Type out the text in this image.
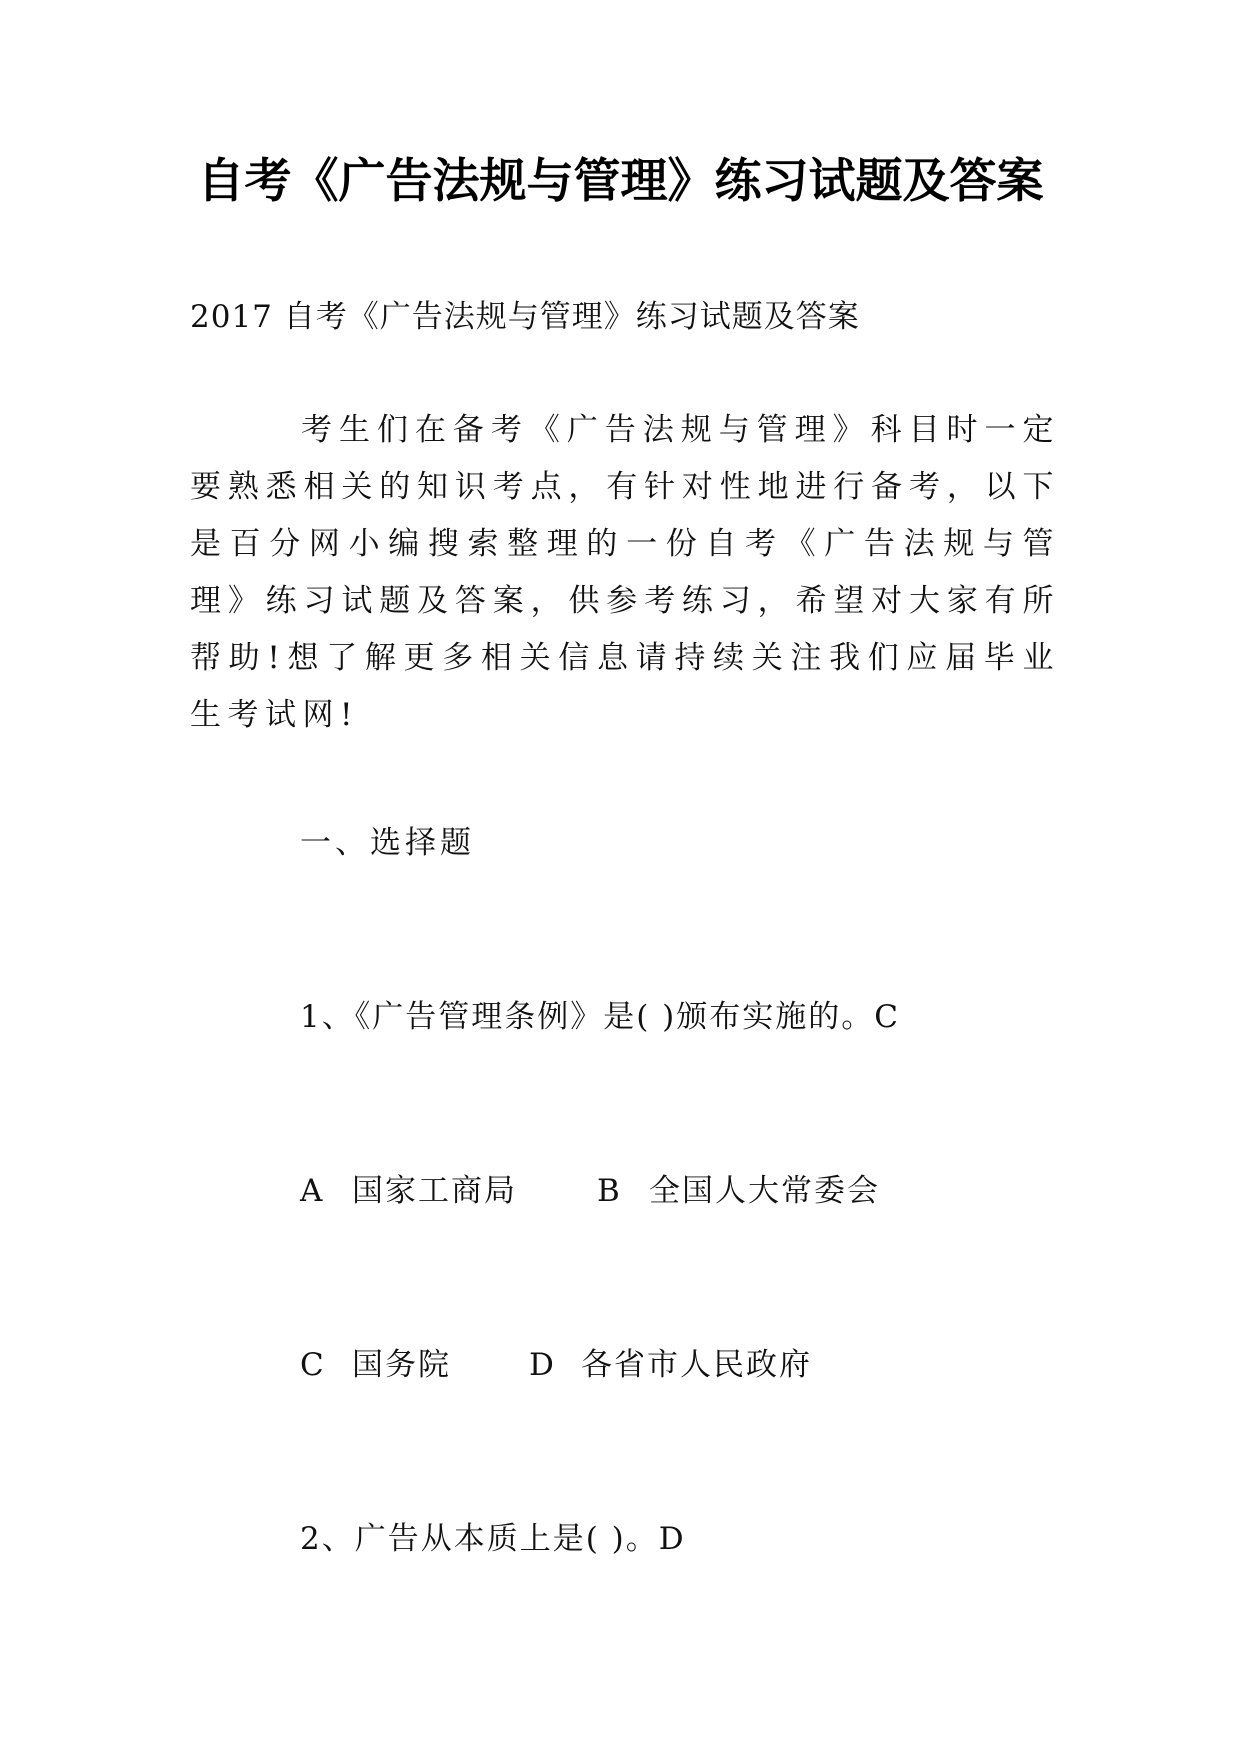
自考《广告法规与管理》练习试题及答案
2017 自考《广告法规与管理》练习试题及答案
考生们在备考《广告法规与管理》科目时一定要熟悉相关的知识考点，有针对性地进行备考，以下是百分网小编搜索整理的一份自考《广告法规与管理》练习试题及答案，供参考练习，希望对大家有所帮助!想了解更多相关信息请持续关注我们应届毕业生考试网!
一、选择题
1、《广告管理条例》是( )颁布实施的。C
A 国家工商局	B 全国人大常委会
C 国务院	D 各省市人民政府
2、广告从本质上是( )。D
